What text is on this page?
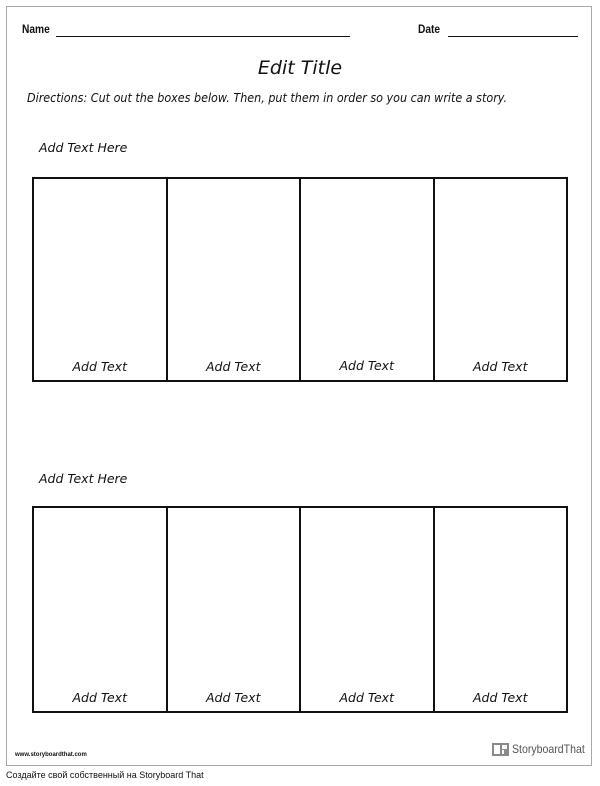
Name	Date
Edit Title
Directions: Cut out the boxes below. Then, put them in order so you can write a story.
Add Text Here
Add Text	Add Text	Add Text	Add Text
Add Text Here
Add Text	Add Text	Add Text	Add Text
www.storyboardthat.com	StoryboardThat
Создайте свой собственный на Storyboard That
